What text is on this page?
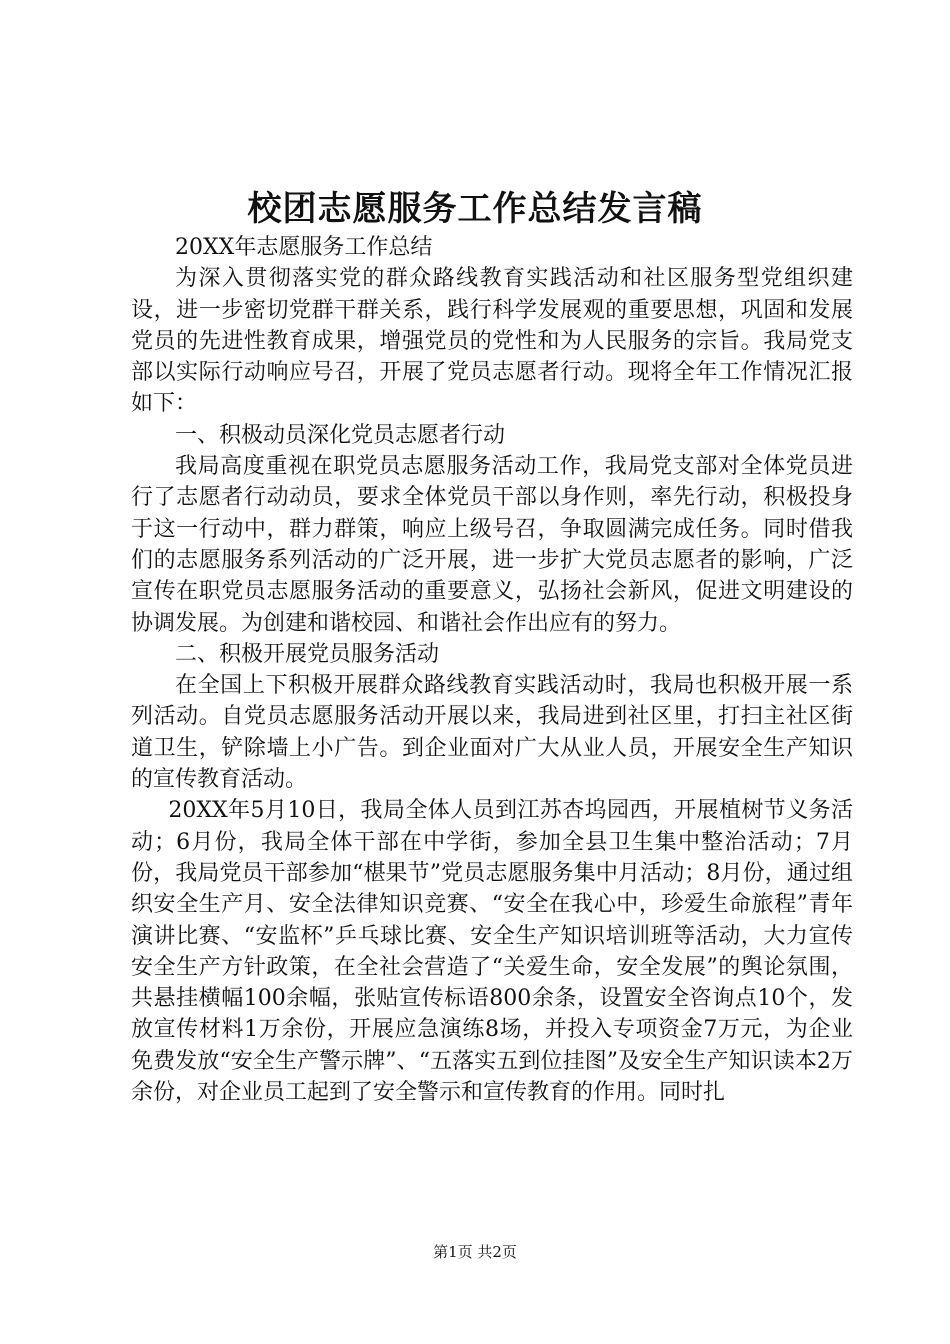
校团志愿服务工作总结发言稿

20XX年志愿服务工作总结

为深入贯彻落实党的群众路线教育实践活动和社区服务型党组织建设，进一步密切党群干群关系，践行科学发展观的重要思想，巩固和发展党员的先进性教育成果，增强党员的党性和为人民服务的宗旨。我局党支部以实际行动响应号召，开展了党员志愿者行动。现将全年工作情况汇报如下：

一、积极动员深化党员志愿者行动

我局高度重视在职党员志愿服务活动工作，我局党支部对全体党员进行了志愿者行动动员，要求全体党员干部以身作则，率先行动，积极投身于这一行动中，群力群策，响应上级号召，争取圆满完成任务。同时借我们的志愿服务系列活动的广泛开展，进一步扩大党员志愿者的影响，广泛宣传在职党员志愿服务活动的重要意义，弘扬社会新风，促进文明建设的协调发展。为创建和谐校园、和谐社会作出应有的努力。

二、积极开展党员服务活动

在全国上下积极开展群众路线教育实践活动时，我局也积极开展一系列活动。自党员志愿服务活动开展以来，我局进到社区里，打扫主社区街道卫生，铲除墙上小广告。到企业面对广大从业人员，开展安全生产知识的宣传教育活动。

20XX年5月10日，我局全体人员到江苏杏坞园西，开展植树节义务活动；6月份，我局全体干部在中学街，参加全县卫生集中整治活动；7月份，我局党员干部参加“椹果节”党员志愿服务集中月活动；8月份，通过组织安全生产月、安全法律知识竞赛、“安全在我心中，珍爱生命旅程”青年演讲比赛、“安监杯”乒乓球比赛、安全生产知识培训班等活动，大力宣传安全生产方针政策，在全社会营造了“关爱生命，安全发展”的舆论氛围，共悬挂横幅100余幅，张贴宣传标语800余条，设置安全咨询点10个，发放宣传材料1万余份，开展应急演练8场，并投入专项资金7万元，为企业免费发放“安全生产警示牌”、“五落实五到位挂图”及安全生产知识读本2万余份，对企业员工起到了安全警示和宣传教育的作用。同时扎

第1页 共2页
